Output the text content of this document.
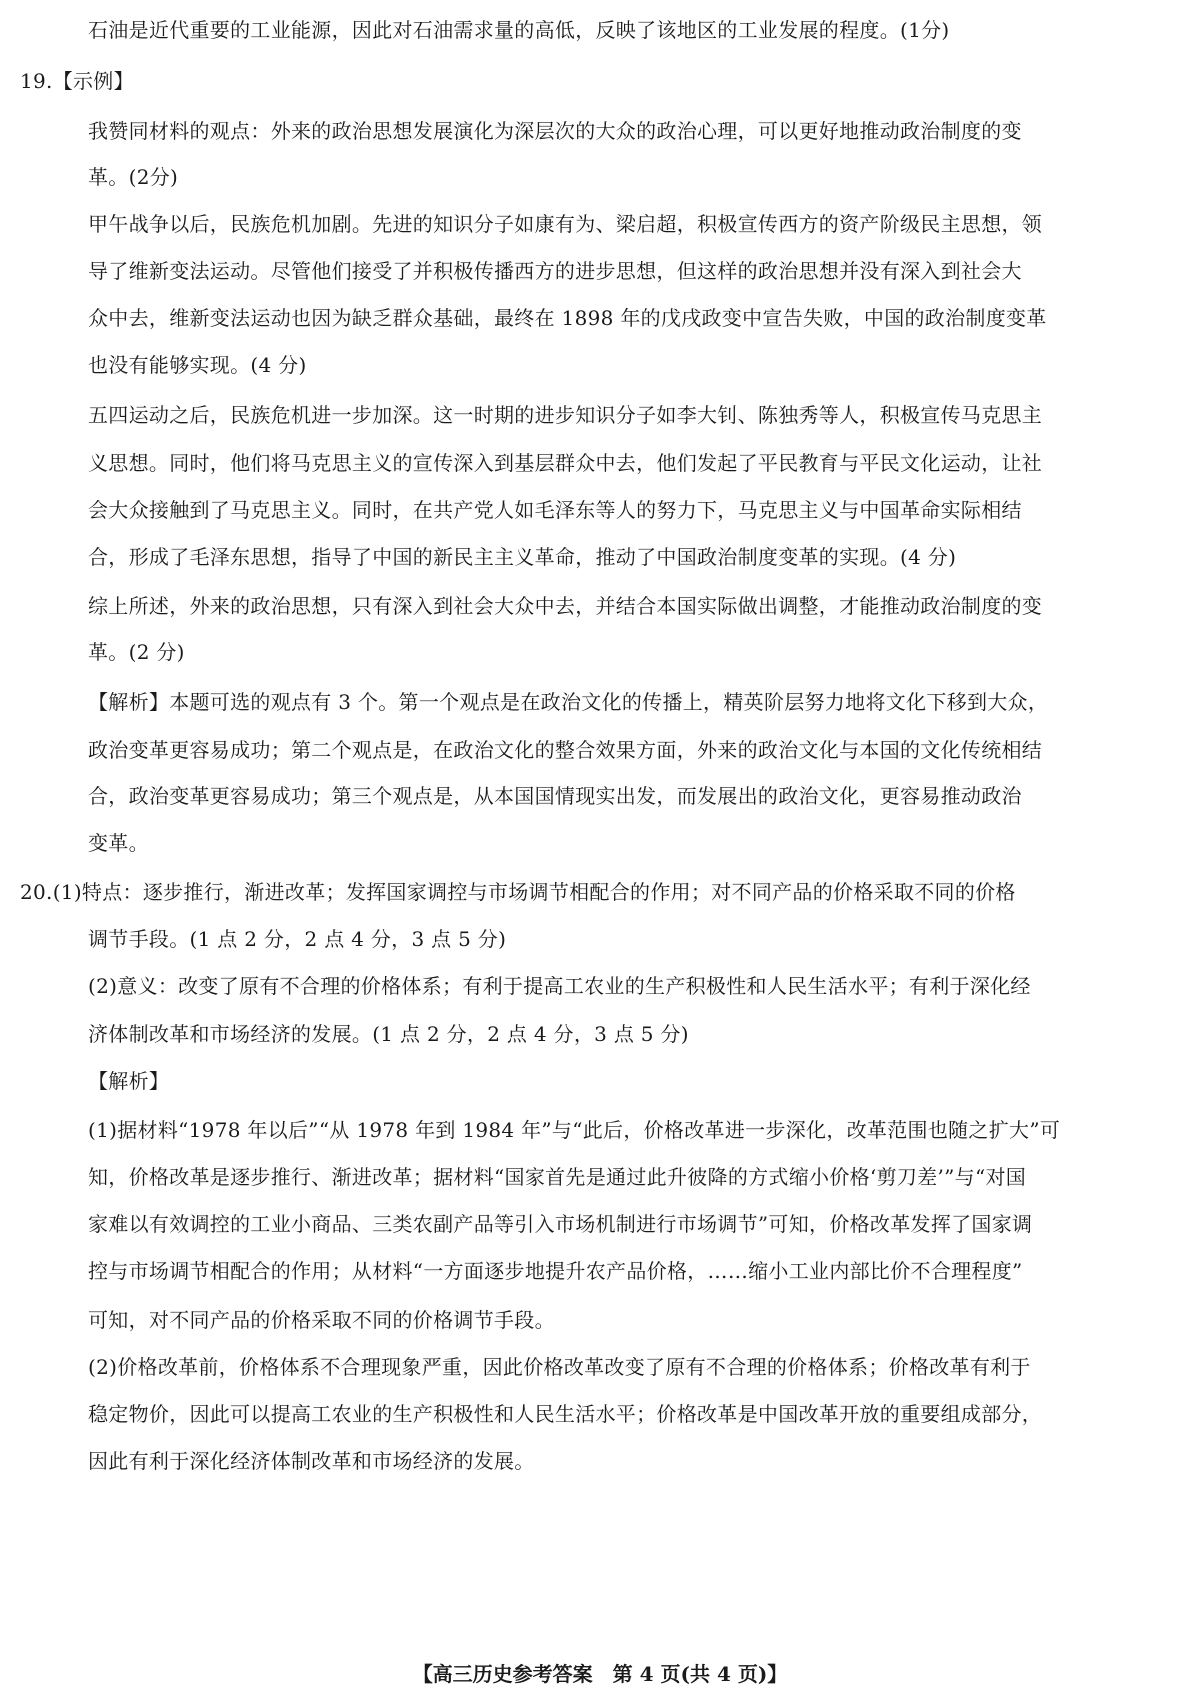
石油是近代重要的工业能源，因此对石油需求量的高低，反映了该地区的工业发展的程度。(1分)
19.【示例】
我赞同材料的观点：外来的政治思想发展演化为深层次的大众的政治心理，可以更好地推动政治制度的变
革。(2分)
甲午战争以后，民族危机加剧。先进的知识分子如康有为、梁启超，积极宣传西方的资产阶级民主思想，领
导了维新变法运动。尽管他们接受了并积极传播西方的进步思想，但这样的政治思想并没有深入到社会大
众中去，维新变法运动也因为缺乏群众基础，最终在 1898 年的戊戌政变中宣告失败，中国的政治制度变革
也没有能够实现。(4 分)
五四运动之后，民族危机进一步加深。这一时期的进步知识分子如李大钊、陈独秀等人，积极宣传马克思主
义思想。同时，他们将马克思主义的宣传深入到基层群众中去，他们发起了平民教育与平民文化运动，让社
会大众接触到了马克思主义。同时，在共产党人如毛泽东等人的努力下，马克思主义与中国革命实际相结
合，形成了毛泽东思想，指导了中国的新民主主义革命，推动了中国政治制度变革的实现。(4 分)
综上所述，外来的政治思想，只有深入到社会大众中去，并结合本国实际做出调整，才能推动政治制度的变
革。(2 分)
【解析】本题可选的观点有 3 个。第一个观点是在政治文化的传播上，精英阶层努力地将文化下移到大众，
政治变革更容易成功；第二个观点是，在政治文化的整合效果方面，外来的政治文化与本国的文化传统相结
合，政治变革更容易成功；第三个观点是，从本国国情现实出发，而发展出的政治文化，更容易推动政治
变革。
20.(1)特点：逐步推行，渐进改革；发挥国家调控与市场调节相配合的作用；对不同产品的价格采取不同的价格
调节手段。(1 点 2 分，2 点 4 分，3 点 5 分)
(2)意义：改变了原有不合理的价格体系；有利于提高工农业的生产积极性和人民生活水平；有利于深化经
济体制改革和市场经济的发展。(1 点 2 分，2 点 4 分，3 点 5 分)
【解析】
(1)据材料“1978 年以后”“从 1978 年到 1984 年”与“此后，价格改革进一步深化，改革范围也随之扩大”可
知，价格改革是逐步推行、渐进改革；据材料“国家首先是通过此升彼降的方式缩小价格‘剪刀差’”与“对国
家难以有效调控的工业小商品、三类农副产品等引入市场机制进行市场调节”可知，价格改革发挥了国家调
控与市场调节相配合的作用；从材料“一方面逐步地提升农产品价格，……缩小工业内部比价不合理程度”
可知，对不同产品的价格采取不同的价格调节手段。
(2)价格改革前，价格体系不合理现象严重，因此价格改革改变了原有不合理的价格体系；价格改革有利于
稳定物价，因此可以提高工农业的生产积极性和人民生活水平；价格改革是中国改革开放的重要组成部分，
因此有利于深化经济体制改革和市场经济的发展。
【高三历史参考答案　第 4 页(共 4 页)】
